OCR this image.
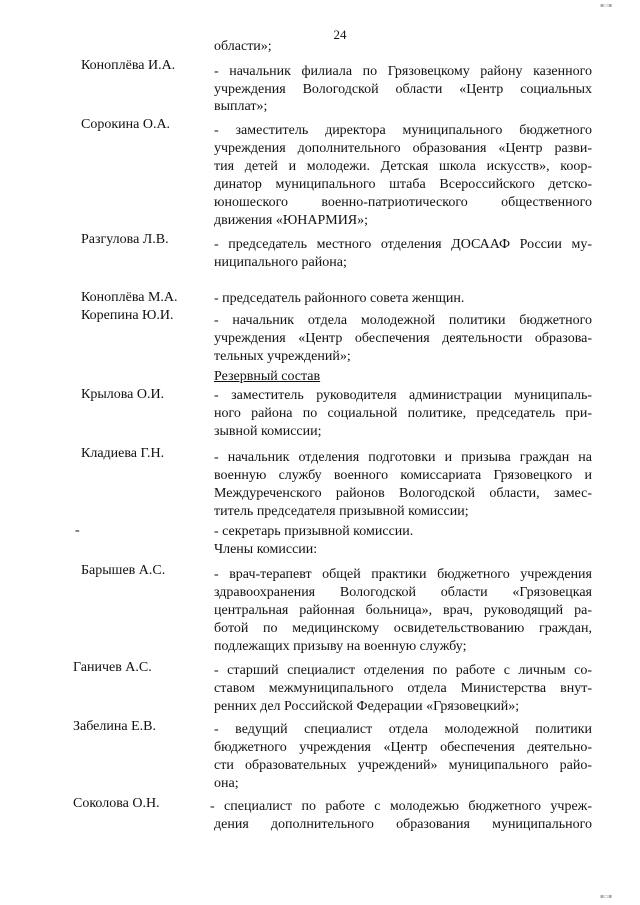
24
области»;
Коноплёва И.А.	- начальник филиала по Грязовецкому району казенного
учреждения Вологодской области «Центр социальных
выплат»;
Сорокина О.А.	- заместитель директора муниципального бюджетного
учреждения дополнительного образования «Центр разви-
тия детей и молодежи. Детская школа искусств», коор-
динатор муниципального штаба Всероссийского детско-
юношеского военно-патриотического общественного
движения «ЮНАРМИЯ»;
Разгулова Л.В.	- председатель местного отделения ДОСААФ России му-
ниципального района;
Коноплёва М.А.	- председатель районного совета женщин.
Корепина Ю.И.	- начальник отдела молодежной политики бюджетного
учреждения «Центр обеспечения деятельности образова-
тельных учреждений»;
Резервный состав
Крылова О.И.	- заместитель руководителя администрации муниципаль-
ного района по социальной политике, председатель при-
зывной комиссии;
Кладиева Г.Н.	- начальник отделения подготовки и призыва граждан на
военную службу военного комиссариата Грязовецкого и
Междуреченского районов Вологодской области, замес-
титель председателя призывной комиссии;
-	- секретарь призывной комиссии.
Члены комиссии:
Барышев А.С.	- врач-терапевт общей практики бюджетного учреждения
здравоохранения Вологодской области «Грязовецкая
центральная районная больница», врач, руководящий ра-
ботой по медицинскому освидетельствованию граждан,
подлежащих призыву на военную службу;
Ганичев А.С.	- старший специалист отделения по работе с личным со-
ставом межмуниципального отдела Министерства внут-
ренних дел Российской Федерации «Грязовецкий»;
Забелина Е.В.	- ведущий специалист отдела молодежной политики
бюджетного учреждения «Центр обеспечения деятельно-
сти образовательных учреждений» муниципального райо-
она;
Соколова О.Н.	- специалист по работе с молодежью бюджетного учреж-
дения дополнительного образования муниципального
▪▫▪
▪▫▪
